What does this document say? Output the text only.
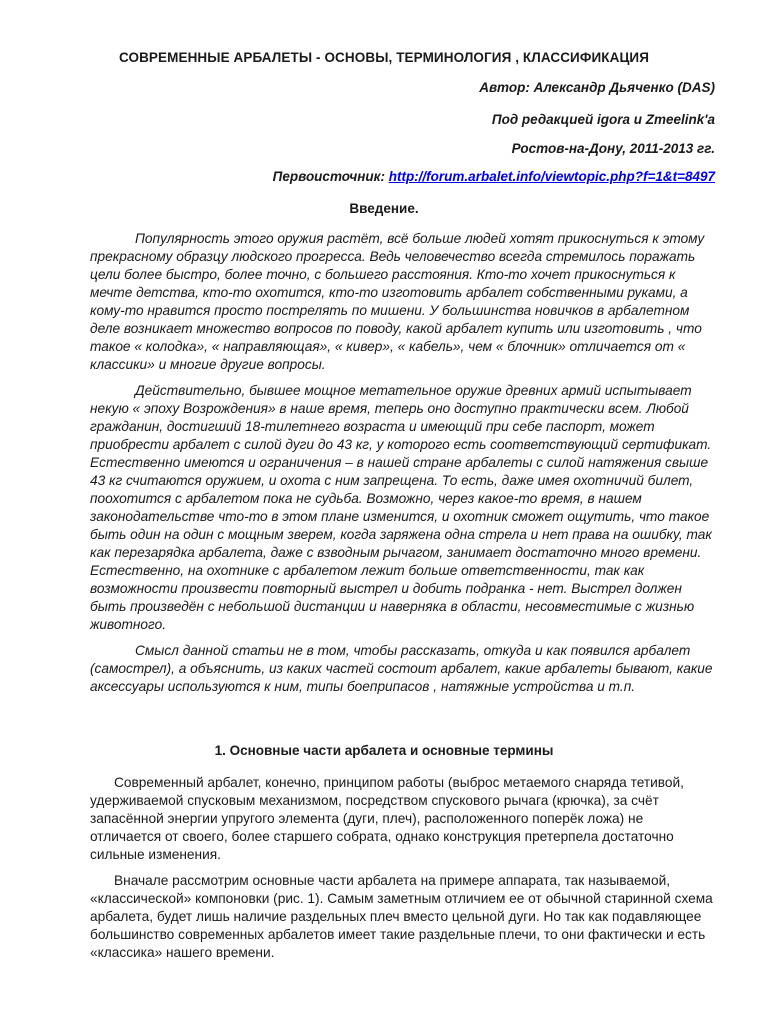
СОВРЕМЕННЫЕ АРБАЛЕТЫ - ОСНОВЫ, ТЕРМИНОЛОГИЯ , КЛАССИФИКАЦИЯ
Автор: Александр Дьяченко (DAS)
Под редакцией igora и Zmeelink'a
Ростов-на-Дону, 2011-2013 гг.
Первоисточник: http://forum.arbalet.info/viewtopic.php?f=1&t=8497
Введение.

Популярность этого оружия растёт, всё больше людей хотят прикоснуться к этому прекрасному образцу людского прогресса. Ведь человечество всегда стремилось поражать цели более быстро, более точно, с большего расстояния. Кто-то хочет прикоснуться к мечте детства, кто-то охотится, кто-то изготовить арбалет собственными руками, а кому-то нравится просто пострелять по мишени. У большинства новичков в арбалетном деле возникает множество вопросов по поводу, какой арбалет купить или изготовить , что такое « колодка», « направляющая», « кивер», « кабель», чем « блочник» отличается от « классики» и многие другие вопросы.

Действительно, бывшее мощное метательное оружие древних армий испытывает некую « эпоху Возрождения» в наше время, теперь оно доступно практически всем. Любой гражданин, достигший 18-тилетнего возраста и имеющий при себе паспорт, может приобрести арбалет с силой дуги до 43 кг, у которого есть соответствующий сертификат. Естественно имеются и ограничения – в нашей стране арбалеты с силой натяжения свыше 43 кг считаются оружием, и охота с ним запрещена. То есть, даже имея охотничий билет, поохотится с арбалетом пока не судьба. Возможно, через какое-то время, в нашем законодательстве что-то в этом плане изменится, и охотник сможет ощутить, что такое быть один на один с мощным зверем, когда заряжена одна стрела и нет права на ошибку, так как перезарядка арбалета, даже с взводным рычагом, занимает достаточно много времени. Естественно, на охотнике с арбалетом лежит больше ответственности, так как возможности произвести повторный выстрел и добить подранка - нет. Выстрел должен быть произведён с небольшой дистанции и наверняка в области, несовместимые с жизнью животного.

Смысл данной статьи не в том, чтобы рассказать, откуда и как появился арбалет (самострел), а объяснить, из каких частей состоит арбалет, какие арбалеты бывают, какие аксессуары используются к ним, типы боеприпасов , натяжные устройства и т.п.

1. Основные части арбалета и основные термины

Современный арбалет, конечно, принципом работы (выброс метаемого снаряда тетивой, удерживаемой спусковым механизмом, посредством спускового рычага (крючка), за счёт запасённой энергии упругого элемента (дуги, плеч), расположенного поперёк ложа) не отличается от своего, более старшего собрата, однако конструкция претерпела достаточно сильные изменения.

Вначале рассмотрим основные части арбалета на примере аппарата, так называемой, «классической» компоновки (рис. 1). Самым заметным отличием ее от обычной старинной схема арбалета, будет лишь наличие раздельных плеч вместо цельной дуги. Но так как подавляющее большинство современных арбалетов имеет такие раздельные плечи, то они фактически и есть «классика» нашего времени.
